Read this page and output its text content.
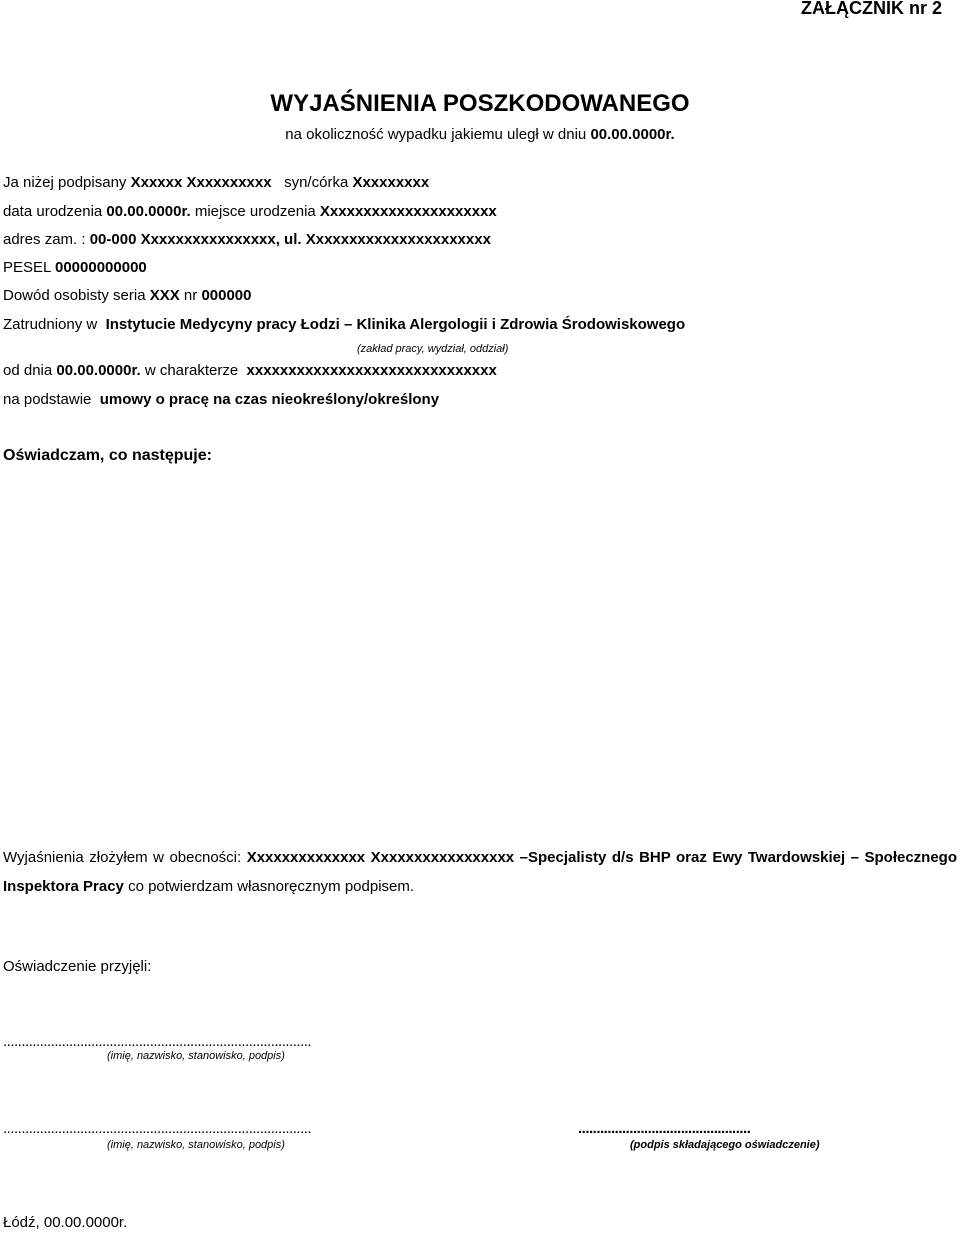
ZAŁĄCZNIK nr 2
WYJAŚNIENIA POSZKODOWANEGO
na okoliczność wypadku jakiemu uległ w dniu 00.00.0000r.
Ja niżej podpisany Xxxxxx Xxxxxxxxxx syn/córka Xxxxxxxxx
data urodzenia 00.00.0000r. miejsce urodzenia Xxxxxxxxxxxxxxxxxxxxx
adres zam. : 00-000 Xxxxxxxxxxxxxxxx, ul. Xxxxxxxxxxxxxxxxxxxxxx
PESEL 00000000000
Dowód osobisty seria XXX nr 000000
Zatrudniony w  Instytucie Medycyny pracy Łodzi – Klinika Alergologii i Zdrowia Środowiskowego
(zakład pracy, wydział, oddział)
od dnia 00.00.0000r. w charakterze  xxxxxxxxxxxxxxxxxxxxxxxxxxxxxx
na podstawie  umowy o pracę na czas nieokreślony/określony
Oświadczam, co następuje:
Wyjaśnienia złożyłem w obecności: Xxxxxxxxxxxxxx Xxxxxxxxxxxxxxxxx –Specjalisty d/s BHP oraz Ewy Twardowskiej – Społecznego Inspektora Pracy co potwierdzam własnoręcznym podpisem.
Oświadczenie przyjęli:
....................................................................................
(imię, nazwisko, stanowisko, podpis)
....................................................................................
(imię, nazwisko, stanowisko, podpis)
...............................................
(podpis składającego oświadczenie)
Łódź, 00.00.0000r.
